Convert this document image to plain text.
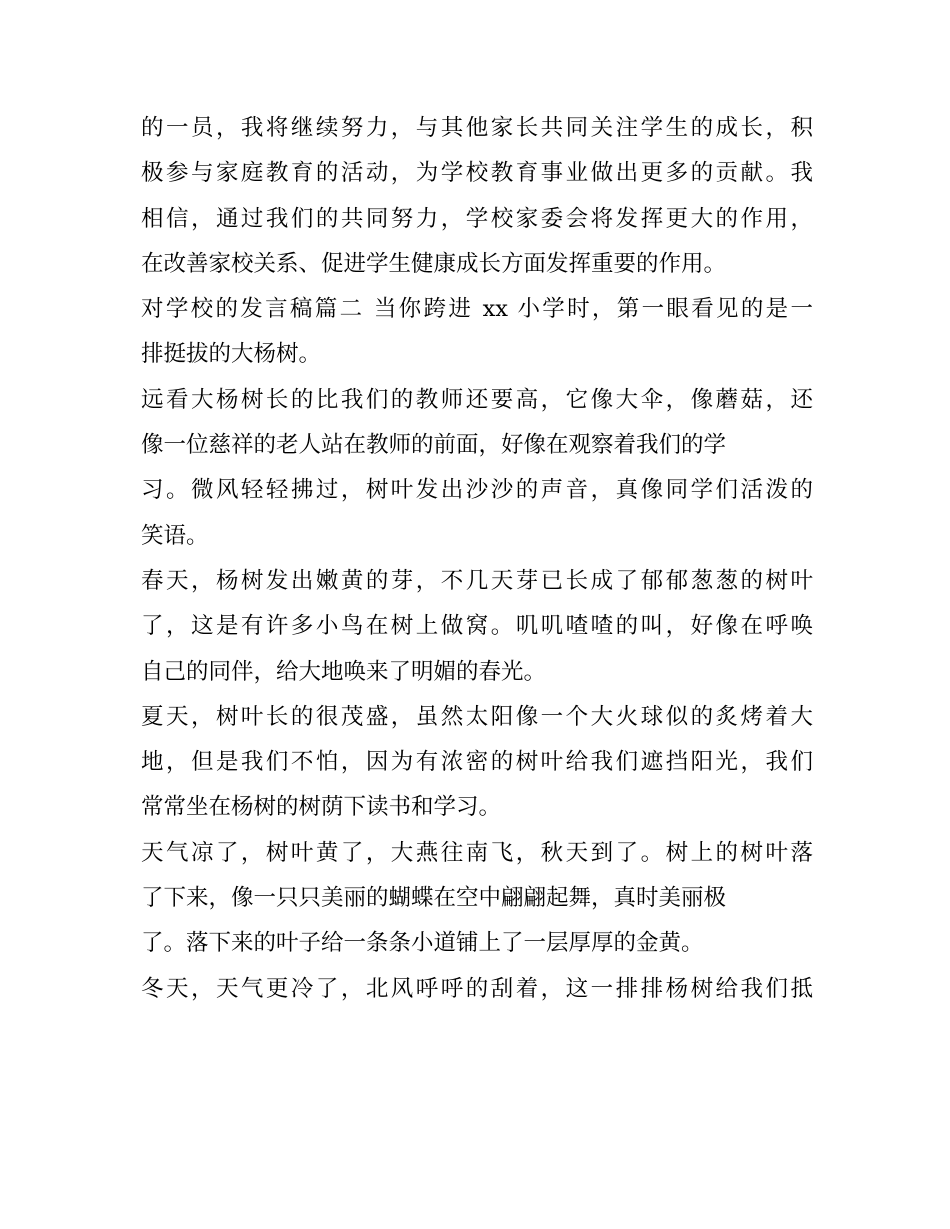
的一员，我将继续努力，与其他家长共同关注学生的成长，积
极参与家庭教育的活动，为学校教育事业做出更多的贡献。我
相信，通过我们的共同努力，学校家委会将发挥更大的作用，
在改善家校关系、促进学生健康成长方面发挥重要的作用。
对学校的发言稿篇二 当你跨进 xx 小学时，第一眼看见的是一
排挺拔的大杨树。
远看大杨树长的比我们的教师还要高，它像大伞，像蘑菇，还
像一位慈祥的老人站在教师的前面，好像在观察着我们的学
习。微风轻轻拂过，树叶发出沙沙的声音，真像同学们活泼的
笑语。
春天，杨树发出嫩黄的芽，不几天芽已长成了郁郁葱葱的树叶
了，这是有许多小鸟在树上做窝。叽叽喳喳的叫，好像在呼唤
自己的同伴，给大地唤来了明媚的春光。
夏天，树叶长的很茂盛，虽然太阳像一个大火球似的炙烤着大
地，但是我们不怕，因为有浓密的树叶给我们遮挡阳光，我们
常常坐在杨树的树荫下读书和学习。
天气凉了，树叶黄了，大燕往南飞，秋天到了。树上的树叶落
了下来，像一只只美丽的蝴蝶在空中翩翩起舞，真时美丽极
了。落下来的叶子给一条条小道铺上了一层厚厚的金黄。
冬天，天气更冷了，北风呼呼的刮着，这一排排杨树给我们抵
